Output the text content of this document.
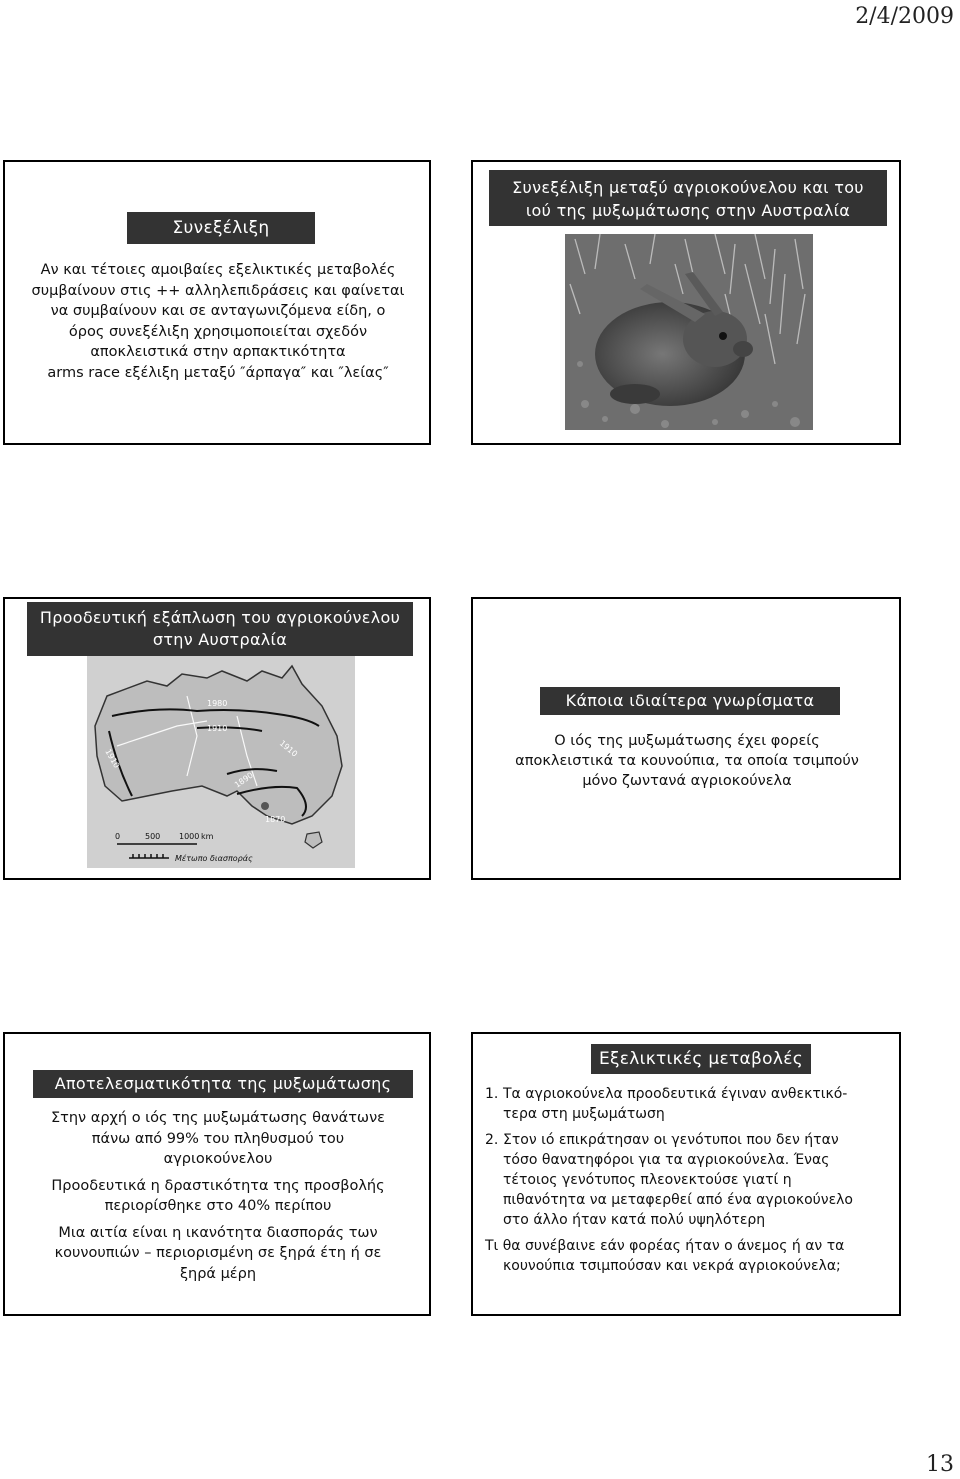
2/4/2009
Συνεξέλιξη
Αν και τέτοιες αμοιβαίες εξελικτικές μεταβολές
συμβαίνουν στις ++ αλληλεπιδράσεις και φαίνεται
να συμβαίνουν και σε ανταγωνιζόμενα είδη, ο
όρος συνεξέλιξη χρησιμοποιείται σχεδόν
αποκλειστικά στην αρπακτικότητα
arms race εξέλιξη μεταξύ ″άρπαγα″ και ″λείας″
Συνεξέλιξη μεταξύ αγριοκούνελου και του
ιού της μυξωμάτωσης στην Αυστραλία
Προοδευτική εξάπλωση του αγριοκούνελου
στην Αυστραλία
1980
1910
1910	1910
1890
1870
0	500 1000 km
Μέτωπο διασποράς
Κάποια ιδιαίτερα γνωρίσματα
Ο ιός της μυξωμάτωσης έχει φορείς
αποκλειστικά τα κουνούπια, τα οποία τσιμπούν
μόνο ζωντανά αγριοκούνελα
Αποτελεσματικότητα της μυξωμάτωσης
Στην αρχή ο ιός της μυξωμάτωσης θανάτωνε
πάνω από 99% του πληθυσμού του
αγριοκούνελου
Προοδευτικά η δραστικότητα της προσβολής
περιορίσθηκε στο 40% περίπου
Μια αιτία είναι η ικανότητα διασποράς των
κουνουπιών – περιορισμένη σε ξηρά έτη ή σε
ξηρά μέρη
Εξελικτικές μεταβολές
1. Τα αγριοκούνελα προοδευτικά έγιναν ανθεκτικό-
τερα στη μυξωμάτωση
2. Στον ιό επικράτησαν οι γενότυποι που δεν ήταν
τόσο θανατηφόροι για τα αγριοκούνελα. Ένας
τέτοιος γενότυπος πλεονεκτούσε γιατί η
πιθανότητα να μεταφερθεί από ένα αγριοκούνελο
στο άλλο ήταν κατά πολύ υψηλότερη
Τι θα συνέβαινε εάν φορέας ήταν ο άνεμος ή αν τα
κουνούπια τσιμπούσαν και νεκρά αγριοκούνελα;
13
